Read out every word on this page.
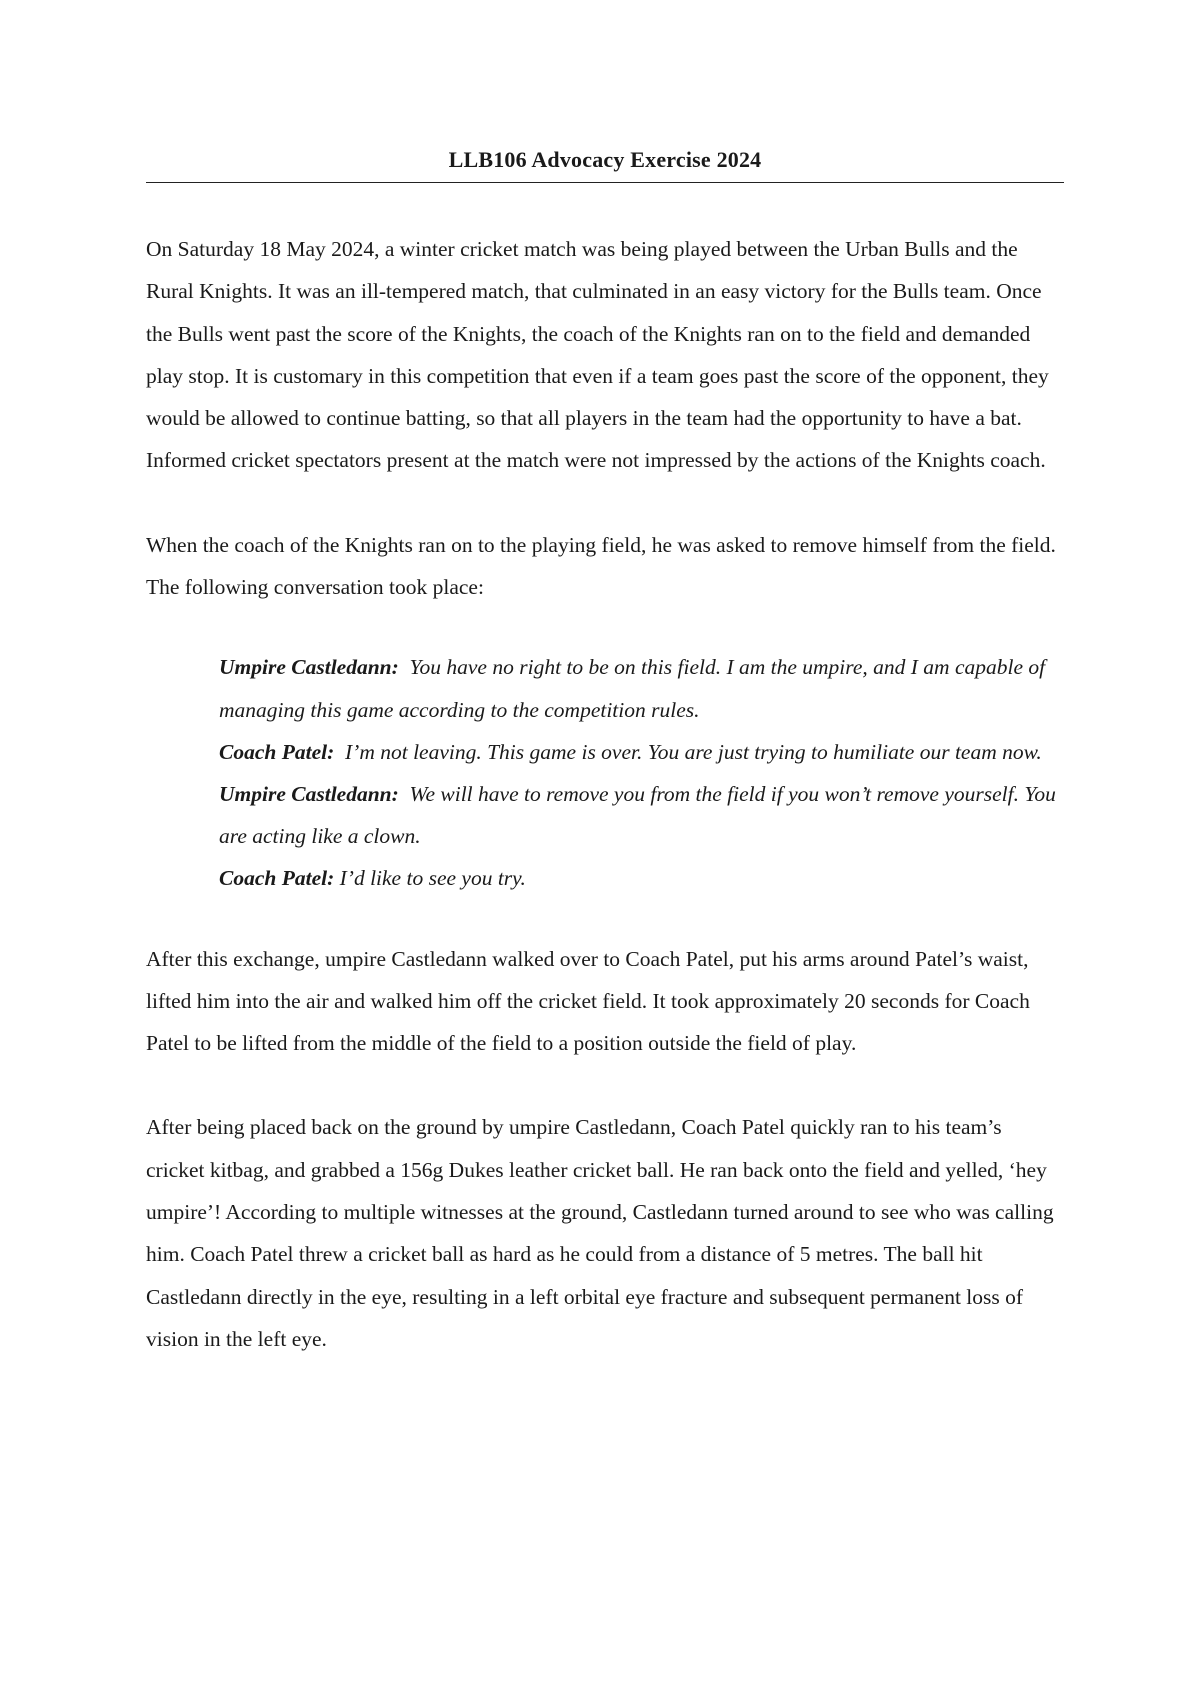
LLB106 Advocacy Exercise 2024

On Saturday 18 May 2024, a winter cricket match was being played between the Urban Bulls and the Rural Knights. It was an ill-tempered match, that culminated in an easy victory for the Bulls team. Once the Bulls went past the score of the Knights, the coach of the Knights ran on to the field and demanded play stop. It is customary in this competition that even if a team goes past the score of the opponent, they would be allowed to continue batting, so that all players in the team had the opportunity to have a bat. Informed cricket spectators present at the match were not impressed by the actions of the Knights coach.

When the coach of the Knights ran on to the playing field, he was asked to remove himself from the field. The following conversation took place:

Umpire Castledann: You have no right to be on this field. I am the umpire, and I am capable of managing this game according to the competition rules.
Coach Patel: I’m not leaving. This game is over. You are just trying to humiliate our team now.
Umpire Castledann: We will have to remove you from the field if you won’t remove yourself. You are acting like a clown.
Coach Patel: I’d like to see you try.

After this exchange, umpire Castledann walked over to Coach Patel, put his arms around Patel’s waist, lifted him into the air and walked him off the cricket field. It took approximately 20 seconds for Coach Patel to be lifted from the middle of the field to a position outside the field of play.

After being placed back on the ground by umpire Castledann, Coach Patel quickly ran to his team’s cricket kitbag, and grabbed a 156g Dukes leather cricket ball. He ran back onto the field and yelled, ‘hey umpire’! According to multiple witnesses at the ground, Castledann turned around to see who was calling him. Coach Patel threw a cricket ball as hard as he could from a distance of 5 metres. The ball hit Castledann directly in the eye, resulting in a left orbital eye fracture and subsequent permanent loss of vision in the left eye.
